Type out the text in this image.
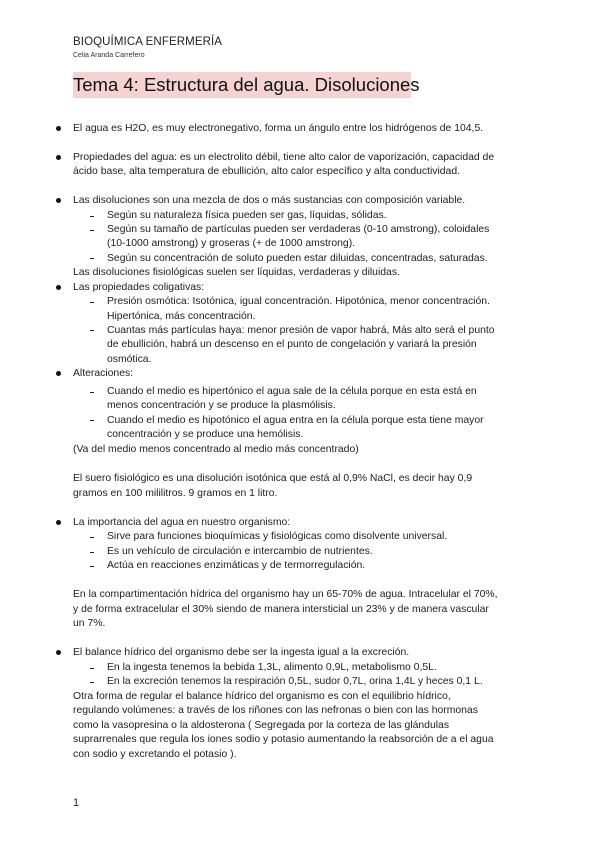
BIOQUÍMICA ENFERMERÍA
Celia Aranda Carrefero
Tema 4: Estructura del agua. Disoluciones
El agua es H2O, es muy electronegativo, forma un ángulo entre los hidrógenos de 104,5.
Propiedades del agua: es un electrolito débil, tiene alto calor de vaporización, capacidad de
ácido base, alta temperatura de ebullición, alto calor específico y alta conductividad.
Las disoluciones son una mezcla de dos o más sustancias con composición variable.
Según su naturaleza física pueden ser gas, líquidas, sólidas.
Según su tamaño de partículas pueden ser verdaderas (0-10 amstrong), coloidales
(10-1000 amstrong) y groseras (+ de 1000 amstrong).
Según su concentración de soluto pueden estar diluidas, concentradas, saturadas.
Las disoluciones fisiológicas suelen ser líquidas, verdaderas y diluidas.
Las propiedades coligativas:
Presión osmótica: Isotónica, igual concentración. Hipotónica, menor concentración.
Hipertónica, más concentración.
Cuantas más partículas haya: menor presión de vapor habrá, Más alto será el punto
de ebullición, habrá un descenso en el punto de congelación y variará la presión
osmótica.
Alteraciones:
Cuando el medio es hipertónico el agua sale de la célula porque en esta está en
menos concentración y se produce la plasmólisis.
Cuando el medio es hipotónico el agua entra en la célula porque esta tiene mayor
concentración y se produce una hemólisis.
(Va del medio menos concentrado al medio más concentrado)
El suero fisiológico es una disolución isotónica que está al 0,9% NaCl, es decir hay 0,9
gramos en 100 mililitros. 9 gramos en 1 litro.
La importancia del agua en nuestro organismo:
Sirve para funciones bioquímicas y fisiológicas como disolvente universal.
Es un vehículo de circulación e intercambio de nutrientes.
Actúa en reacciones enzimáticas y de termorregulación.
En la compartimentación hídrica del organismo hay un 65-70% de agua. Intracelular el 70%,
y de forma extracelular el 30% siendo de manera intersticial un 23% y de manera vascular
un 7%.
El balance hídrico del organismo debe ser la ingesta igual a la excreción.
En la ingesta tenemos la bebida 1,3L, alimento 0,9L, metabolismo 0,5L.
En la excreción tenemos la respiración 0,5L, sudor 0,7L, orina 1,4L y heces 0,1 L.
Otra forma de regular el balance hídrico del organismo es con el equilibrio hídrico,
regulando volúmenes: a través de los riñones con las nefronas o bien con las hormonas
como la vasopresina o la aldosterona ( Segregada por la corteza de las glándulas
suprarrenales que regula los iones sodio y potasio aumentando la reabsorción de a el agua
con sodio y excretando el potasio ).
1
